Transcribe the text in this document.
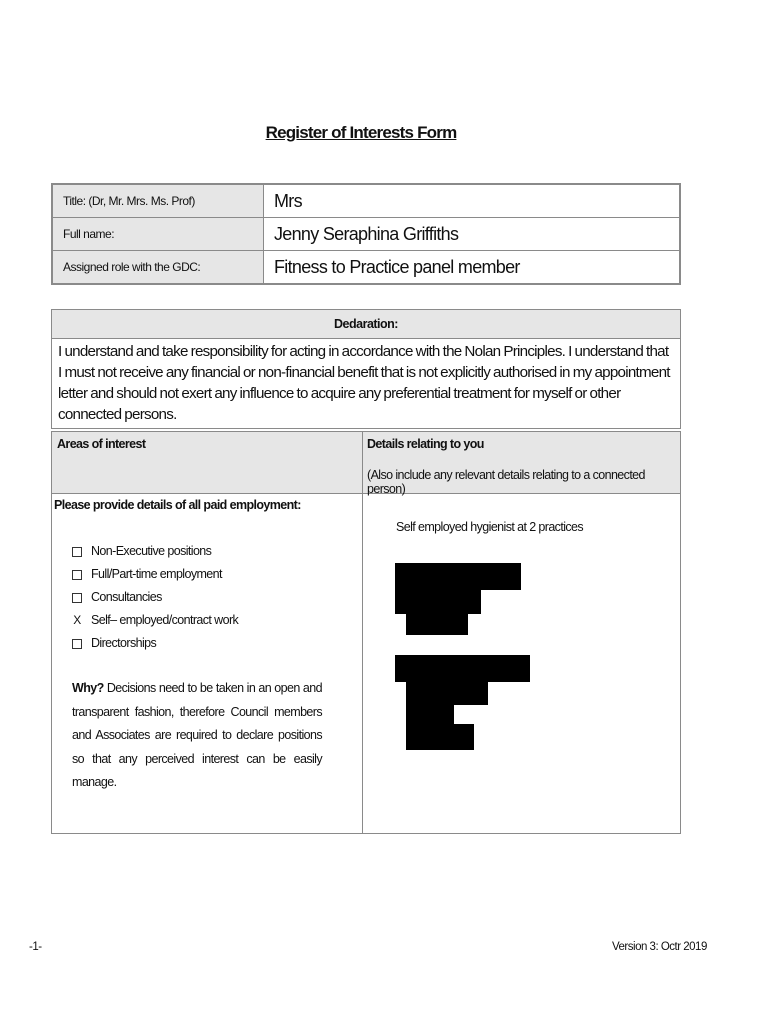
Register of Interests Form
Title: (Dr, Mr. Mrs. Ms. Prof)	Mrs
Full name:	Jenny Seraphina Griffiths
Assigned role with the GDC:	Fitness to Practice panel member
Dedaration:
I understand and take responsibility for acting in accordance with the Nolan Principles. I understand that I must not receive any financial or non-financial benefit that is not explicitly authorised in my appointment letter and should not exert any influence to acquire any preferential treatment for myself or other connected persons.
Areas of interest	Details relating to you
(Also include any relevant details relating to a connected person)
Please provide details of all paid employment:
Non-Executive positions
Full/Part-time employment
Consultancies
X Self– employed/contract work
Directorships
Why? Decisions need to be taken in an open and transparent fashion, therefore Council members and Associates are required to declare positions so that any perceived interest can be easily manage.
Self employed hygienist at 2 practices
-1-	Version 3: Octr 2019
